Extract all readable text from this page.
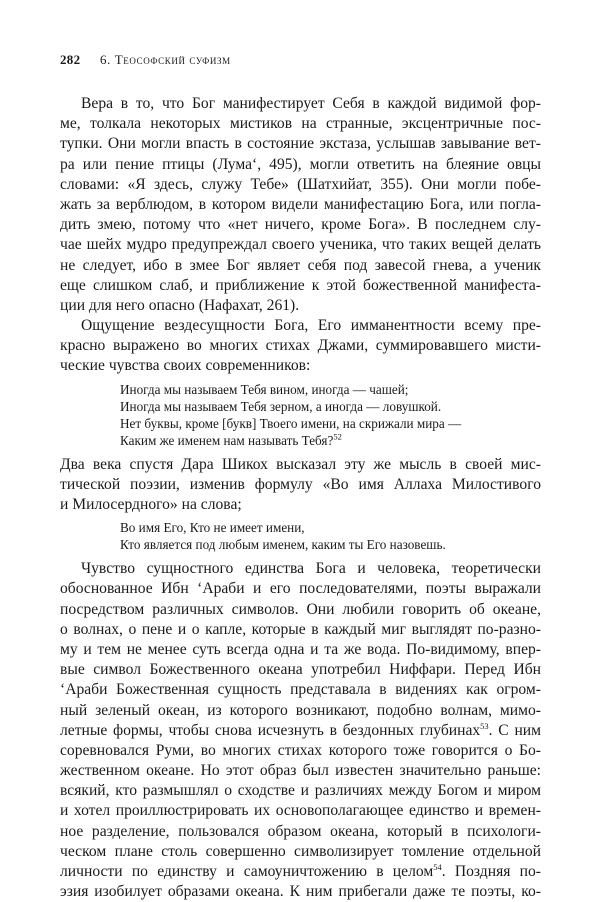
282 6. Теософский суфизм
Вера в то, что Бог манифестирует Себя в каждой видимой фор-
ме, толкала некоторых мистиков на странные, эксцентричные пос-
тупки. Они могли впасть в состояние экстаза, услышав завывание вет-
ра или пение птицы (Лума‘, 495), могли ответить на блеяние овцы
словами: «Я здесь, служу Тебе» (Шатхийат, 355). Они могли побе-
жать за верблюдом, в котором видели манифестацию Бога, или погла-
дить змею, потому что «нет ничего, кроме Бога». В последнем слу-
чае шейх мудро предупреждал своего ученика, что таких вещей делать
не следует, ибо в змее Бог являет себя под завесой гнева, а ученик
еще слишком слаб, и приближение к этой божественной манифеста-
ции для него опасно (Нафахат, 261).
Ощущение вездесущности Бога, Его имманентности всему пре-
красно выражено во многих стихах Джами, суммировавшего мисти-
ческие чувства своих современников:
Иногда мы называем Тебя вином, иногда — чашей;
Иногда мы называем Тебя зерном, а иногда — ловушкой.
Нет буквы, кроме [букв] Твоего имени, на скрижали мира —
Каким же именем нам называть Тебя?$^{52}$
Два века спустя Дара Шикох высказал эту же мысль в своей мис-
тической поэзии, изменив формулу «Во имя Аллаха Милостивого
и Милосердного» на слова;
Во имя Его, Кто не имеет имени,
Кто является под любым именем, каким ты Его назовешь.
Чувство сущностного единства Бога и человека, теоретически
обоснованное Ибн ‘Араби и его последователями, поэты выражали
посредством различных символов. Они любили говорить об океане,
о волнах, о пене и о капле, которые в каждый миг выглядят по-разно-
му и тем не менее суть всегда одна и та же вода. По-видимому, впер-
вые символ Божественного океана употребил Ниффари. Перед Ибн
‘Араби Божественная сущность представала в видениях как огром-
ный зеленый океан, из которого возникают, подобно волнам, мимо-
летные формы, чтобы снова исчезнуть в бездонных глубинах$^{53}$. С ним
соревновался Руми, во многих стихах которого тоже говорится о Бо-
жественном океане. Но этот образ был известен значительно раньше:
всякий, кто размышлял о сходстве и различиях между Богом и миром
и хотел проиллюстрировать их основополагающее единство и времен-
ное разделение, пользовался образом океана, который в психологи-
ческом плане столь совершенно символизирует томление отдельной
личности по единству и самоуничтожению в целом$^{54}$. Поздняя по-
эзия изобилует образами океана. К ним прибегали даже те поэты, ко-
